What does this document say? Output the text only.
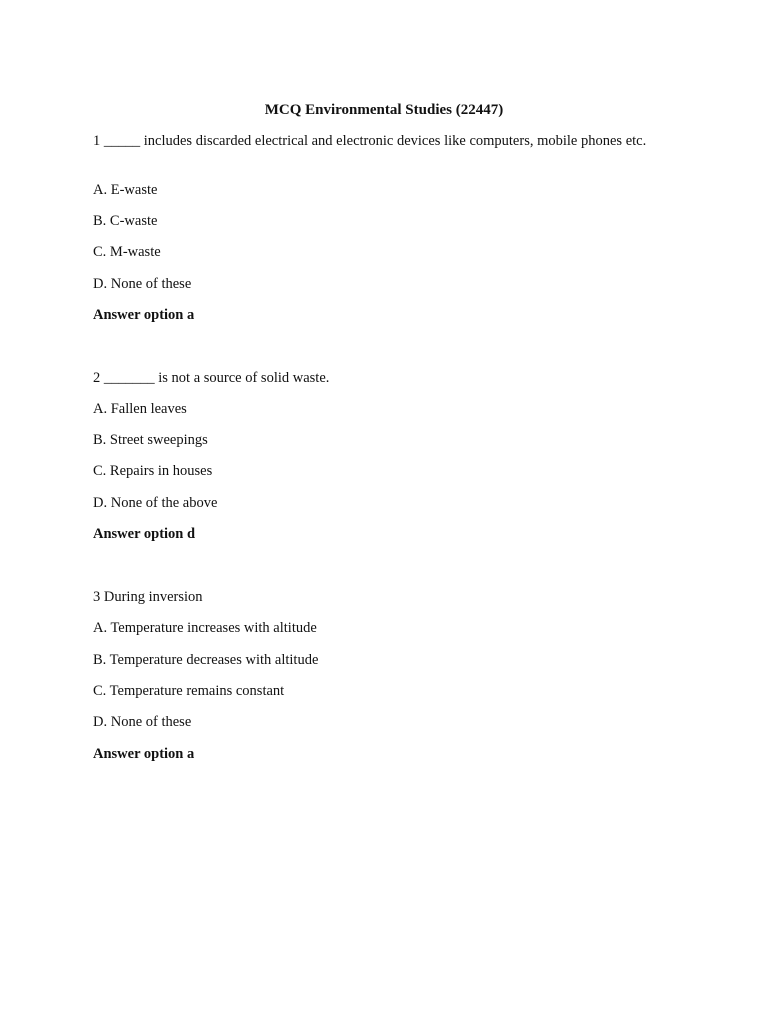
MCQ Environmental Studies (22447)
1 _____ includes discarded electrical and electronic devices like computers, mobile phones etc.
A. E-waste
B. C-waste
C. M-waste
D. None of these
Answer option a
2 _______ is not a source of solid waste.
A. Fallen leaves
B. Street sweepings
C. Repairs in houses
D. None of the above
Answer option d
3 During inversion
A. Temperature increases with altitude
B. Temperature decreases with altitude
C. Temperature remains constant
D. None of these
Answer option a
